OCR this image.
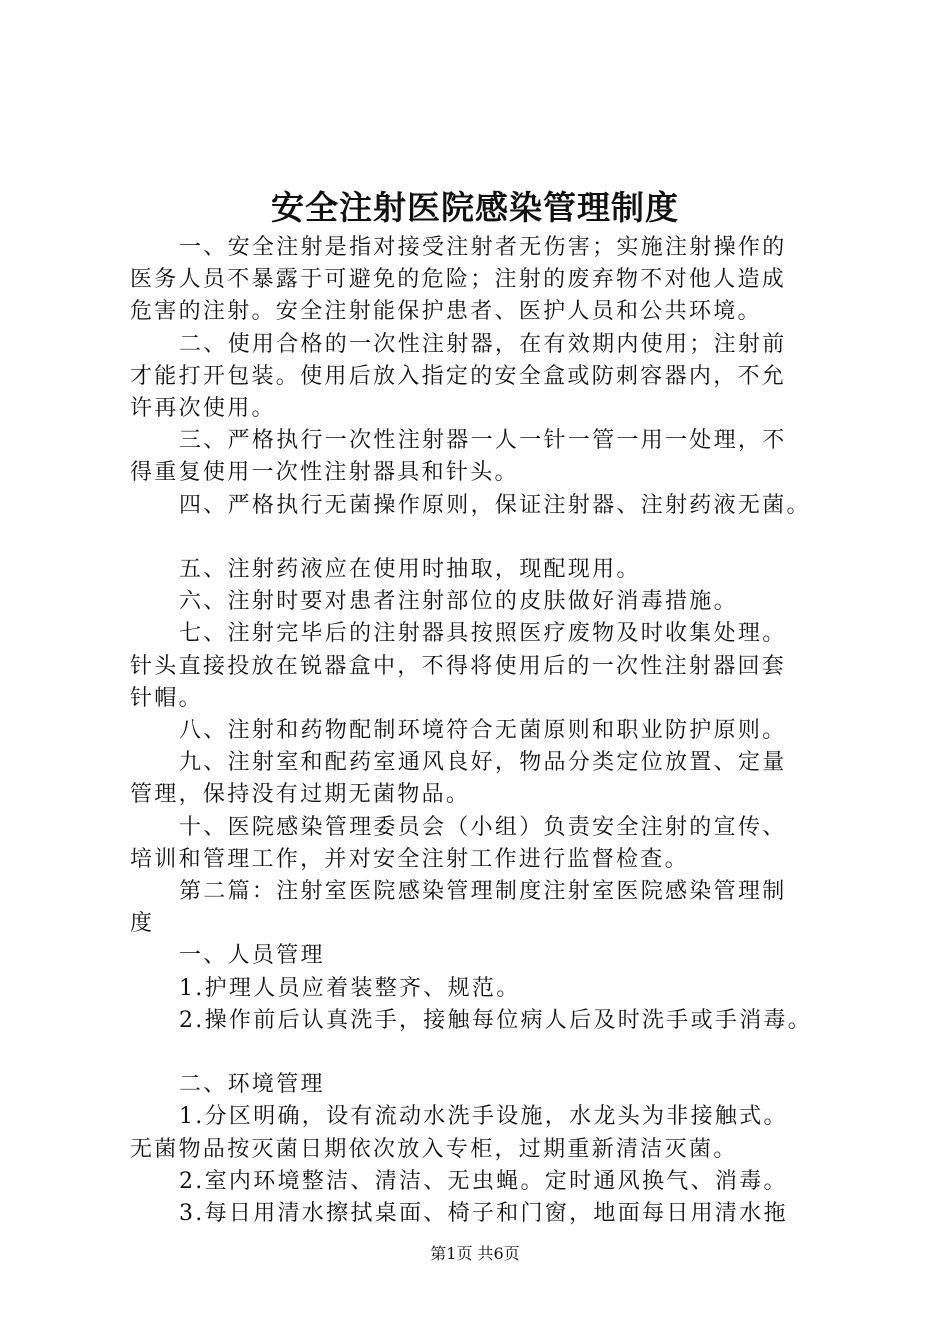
安全注射医院感染管理制度

一、安全注射是指对接受注射者无伤害；实施注射操作的

医务人员不暴露于可避免的危险；注射的废弃物不对他人造成

危害的注射。安全注射能保护患者、医护人员和公共环境。

二、使用合格的一次性注射器，在有效期内使用；注射前

才能打开包装。使用后放入指定的安全盒或防刺容器内，不允

许再次使用。

三、严格执行一次性注射器一人一针一管一用一处理，不

得重复使用一次性注射器具和针头。

四、严格执行无菌操作原则，保证注射器、注射药液无菌。

五、注射药液应在使用时抽取，现配现用。

六、注射时要对患者注射部位的皮肤做好消毒措施。

七、注射完毕后的注射器具按照医疗废物及时收集处理。

针头直接投放在锐器盒中，不得将使用后的一次性注射器回套

针帽。

八、注射和药物配制环境符合无菌原则和职业防护原则。

九、注射室和配药室通风良好，物品分类定位放置、定量

管理，保持没有过期无菌物品。

十、医院感染管理委员会（小组）负责安全注射的宣传、

培训和管理工作，并对安全注射工作进行监督检查。

第二篇：注射室医院感染管理制度注射室医院感染管理制

度

一、人员管理

1.护理人员应着装整齐、规范。

2.操作前后认真洗手，接触每位病人后及时洗手或手消毒。

二、环境管理

1.分区明确，设有流动水洗手设施，水龙头为非接触式。

无菌物品按灭菌日期依次放入专柜，过期重新清洁灭菌。

2.室内环境整洁、清洁、无虫蝇。定时通风换气、消毒。

3.每日用清水擦拭桌面、椅子和门窗，地面每日用清水拖

第1页 共6页
